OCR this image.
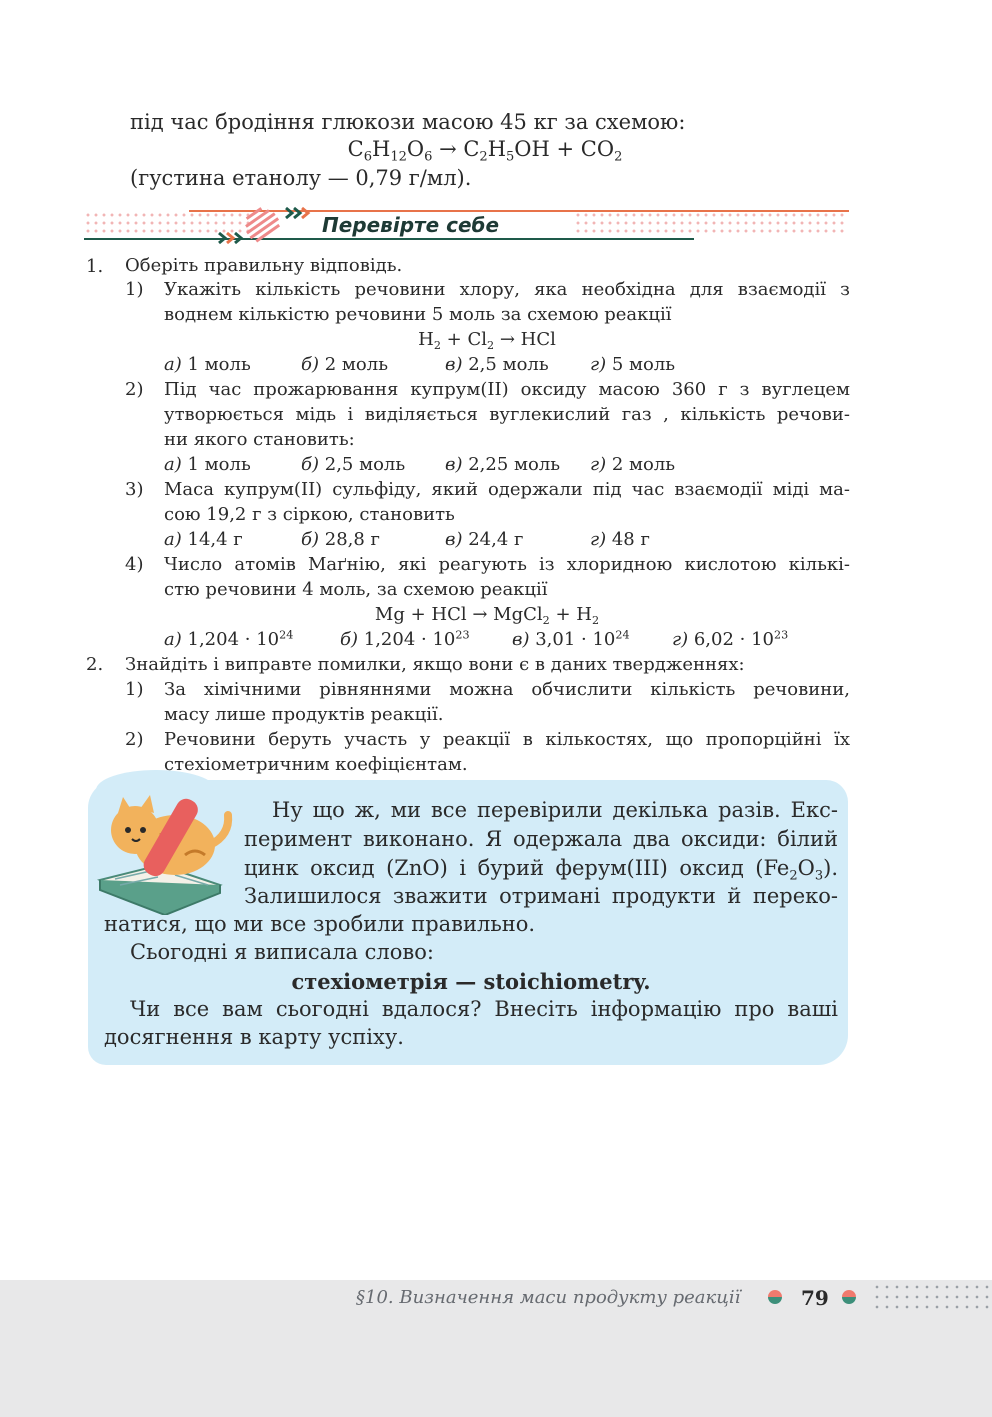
під час бродіння глюкози масою 45 кг за схемою:
$C_6H_{12}O_6 \to C_2H_5OH + CO_2$
(густина етанолу — 0,79 г/мл).
Перевірте себе
1. Оберіть правильну відповідь.
1) Укажіть кількість речовини хлору, яка необхідна для взаємодії з
воднем кількістю речовини 5 моль за схемою реакції
$H_2 + Cl_2$ → HCl
а) 1 моль	б) 2 моль	в) 2,5 моль г) 5 моль
2) Під час прожарювання купрум(ІІ) оксиду масою 360 г з вуглецем
утворюється мідь і виділяється вуглекислий газ , кількість речови-
ни якого становить:
а) 1 моль	б) 2,5 моль в) 2,25 моль г) 2 моль
3) Маса купрум(ІІ) сульфіду, який одержали під час взаємодії міді ма-
сою 19,2 г з сіркою, становить
а) 14,4 г	б) 28,8 г	в) 24,4 г	г) 48 г
4) Число атомів Маґнію, які реагують із хлоридною кислотою кількі-
стю речовини 4 моль, за схемою реакції
Mg + HCl → MgCl$_2$ + $H_2$
а) $1,204 \cdot 10^{24}$	б) $1,204 \cdot 10^{23}$ в) $3,01 \cdot 10^{24}$ г) $6,02 \cdot 10^{23}$
2. Знайдіть і виправте помилки, якщо вони є в даних твердженнях:
1) За хімічними рівняннями можна обчислити кількість речовини,
масу лише продуктів реакції.
2) Речовини беруть участь у реакції в кількостях, що пропорційні їх
стехіометричним коефіцієнтам.
Ну що ж, ми все перевірили декілька разів. Екс-
перимент виконано. Я одержала два оксиди: білий
цинк оксид (ZnO) і бурий ферум(ІІІ) оксид $(Fe_2O_3)$.
Залишилося зважити отримані продукти й переко-
натися, що ми все зробили правильно.
Сьогодні я виписала слово:
стехіометрія — stoichiometry.
Чи все вам сьогодні вдалося? Внесіть інформацію про ваші
досягнення в карту успіху.
§10. Визначення маси продукту реакції	79
